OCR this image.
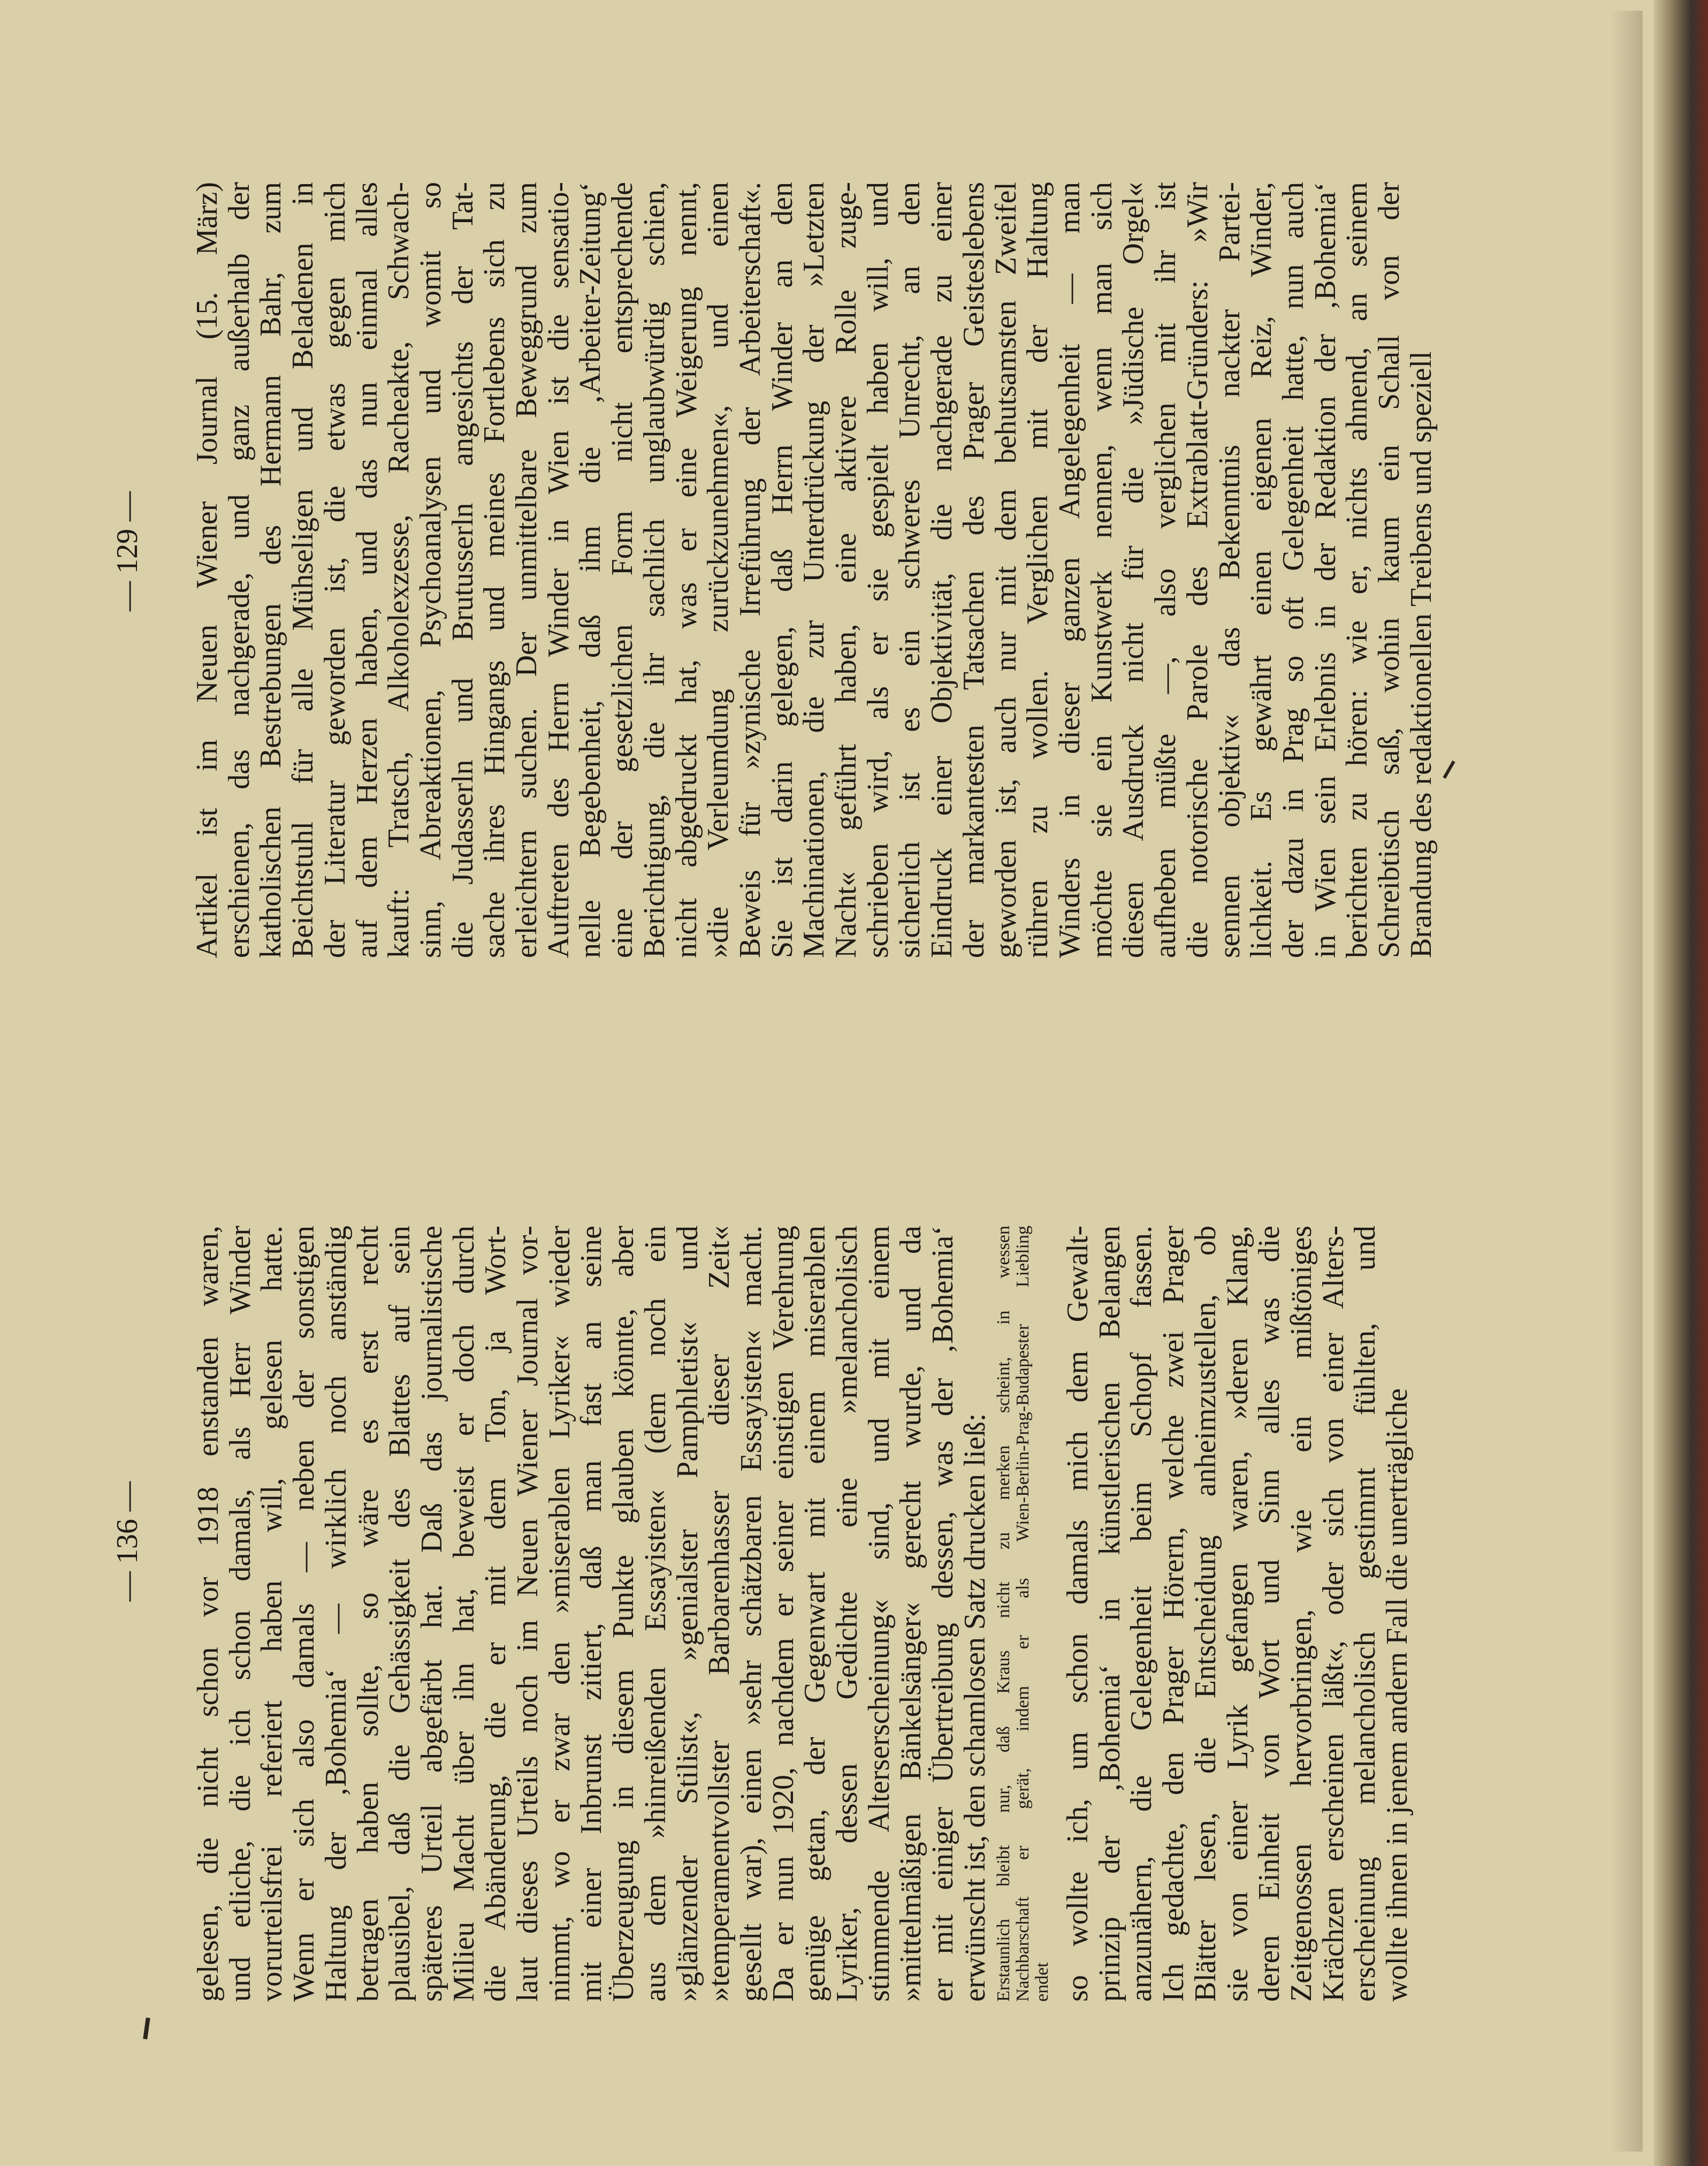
— 136 — gelesen, die nicht schon vor 1918 enstanden waren,
und etliche, die ich schon damals, als Herr Winder
vorurteilsfrei referiert haben will, gelesen hatte.
Wenn er sich also damals — neben der sonstigen
Haltung der ‚Bohemia‘ — wirklich noch anständig
betragen haben sollte, so wäre es erst recht
plausibel, daß die Gehässigkeit des Blattes auf sein
späteres Urteil abgefärbt hat. Daß das journalistische
Milieu Macht über ihn hat, beweist er doch durch
die Abänderung, die er mit dem Ton, ja Wort-
laut dieses Urteils noch im Neuen Wiener Journal vor-
nimmt, wo er zwar den »miserablen Lyriker« wieder
mit einer Inbrunst zitiert, daß man fast an seine
Überzeugung in diesem Punkte glauben könnte, aber
aus dem »hinreißenden Essayisten« (dem noch ein
»glänzender Stilist«, »genialster Pamphletist« und
»temperamentvollster Barbarenhasser dieser Zeit«
gesellt war), einen »sehr schätzbaren Essayisten« macht.
Da er nun 1920, nachdem er seiner einstigen Verehrung
genüge getan, der Gegenwart mit einem miserablen
Lyriker, dessen Gedichte eine »melancholisch
stimmende Alterserscheinung« sind, und mit einem
»mittelmäßigen Bänkelsänger« gerecht wurde, und da
er mit einiger Übertreibung dessen, was der ‚Bohemia‘
erwünscht ist, den schamlosen Satz drucken ließ: Erstaunlich bleibt nur, daß Kraus nicht zu merken scheint, in wessen Nachbarschaft er gerät, indem er als Wien-Berlin-Prag-Budapester Liebling endet so wollte ich, um schon damals mich dem Gewalt-
prinzip der ‚Bohemia‘ in künstlerischen Belangen
anzunähern, die Gelegenheit beim Schopf fassen.
Ich gedachte, den Prager Hörern, welche zwei Prager
Blätter lesen, die Entscheidung anheimzustellen, ob
sie von einer Lyrik gefangen waren, »deren Klang,
deren Einheit von Wort und Sinn alles was die
Zeitgenossen hervorbringen, wie ein mißtöniges
Krächzen erscheinen läßt«, oder sich von einer Alters-
erscheinung melancholisch gestimmt fühlten, und
wollte ihnen in jenem andern Fall die unerträgliche
— 129 — Artikel ist im Neuen Wiener Journal (15. März)
erschienen, das nachgerade, und ganz außerhalb der
katholischen Bestrebungen des Hermann Bahr, zum
Beichtstuhl für alle Mühseligen und Beladenen in
der Literatur geworden ist, die etwas gegen mich
auf dem Herzen haben, und das nun einmal alles
kauft: Tratsch, Alkoholexzesse, Racheakte, Schwach-
sinn, Abreaktionen, Psychoanalysen und womit so
die Judasserln und Brutusserln angesichts der Tat-
sache ihres Hingangs und meines Fortlebens sich zu
erleichtern suchen. Der unmittelbare Beweggrund zum
Auftreten des Herrn Winder in Wien ist die sensatio-
nelle Begebenheit, daß ihm die ‚Arbeiter-Zeitung‘
eine der gesetzlichen Form nicht entsprechende
Berichtigung, die ihr sachlich unglaubwürdig schien,
nicht abgedruckt hat, was er eine Weigerung nennt,
»die Verleumdung zurückzunehmen«, und einen
Beweis für »zynische Irreführung der Arbeiterschaft«.
Sie ist darin gelegen, daß Herrn Winder an den
Machinationen, die zur Unterdrückung der »Letzten
Nacht« geführt haben, eine aktivere Rolle zuge-
schrieben wird, als er sie gespielt haben will, und
sicherlich ist es ein schweres Unrecht, an den
Eindruck einer Objektivität, die nachgerade zu einer
der markantesten Tatsachen des Prager Geisteslebens
geworden ist, auch nur mit dem behutsamsten Zweifel
rühren zu wollen. Verglichen mit der Haltung
Winders in dieser ganzen Angelegenheit — man
möchte sie ein Kunstwerk nennen, wenn man sich
diesen Ausdruck nicht für die »Jüdische Orgel«
aufheben müßte —, also verglichen mit ihr ist
die notorische Parole des Extrablatt-Gründers: »Wir
sennen objektiv« das Bekenntnis nackter Partei-
lichkeit. Es gewährt einen eigenen Reiz, Winder,
der dazu in Prag so oft Gelegenheit hatte, nun auch
in Wien sein Erlebnis in der Redaktion der ‚Bohemia‘
berichten zu hören: wie er, nichts ahnend, an seinem
Schreibtisch saß, wohin kaum ein Schall von der
Brandung des redaktionellen Treibens und speziell
